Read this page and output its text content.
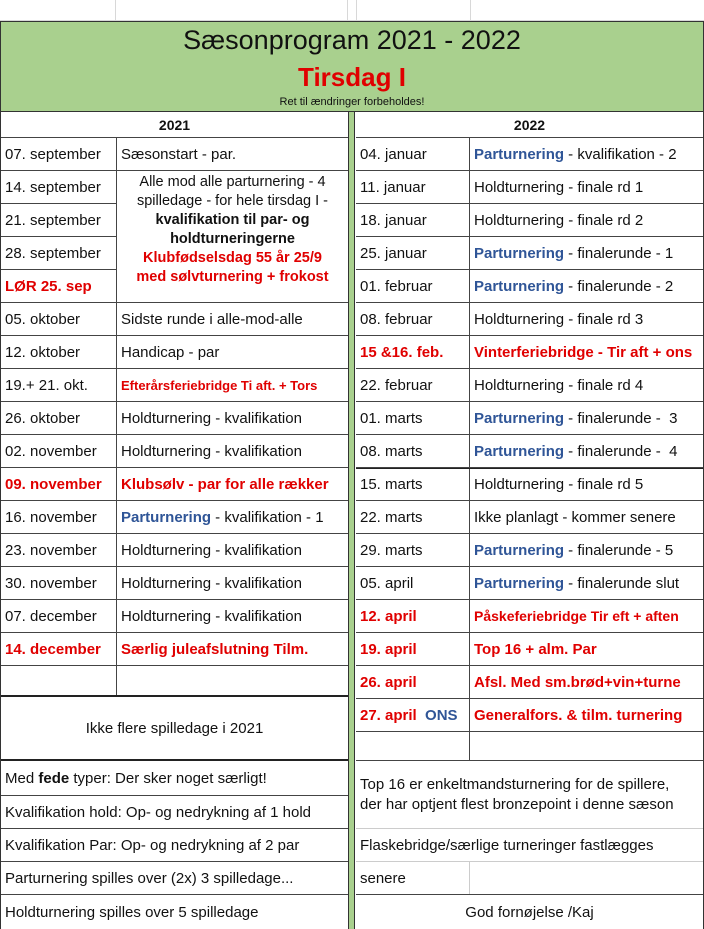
Sæsonprogram 2021 - 2022
Tirsdag I
Ret til ændringer forbeholdes!
2021
07. september	Sæsonstart - par.
14. september
21. september
28. september
LØR 25. sep
Alle mod alle parturnering - 4
spilledage - for hele tirsdag I -
kvalifikation til par- og
holdturneringerne
Klubfødselsdag 55 år 25/9
med sølvturnering + frokost
05. oktober	Sidste runde i alle-mod-alle
12. oktober	Handicap - par
19.+ 21. okt.	Efterårsferiebridge Ti aft. + Tors
26. oktober	Holdturnering - kvalifikation
02. november	Holdturnering - kvalifikation
09. november	Klubsølv - par for alle rækker
16. november	Parturnering - kvalifikation - 1
23. november	Holdturnering - kvalifikation
30. november	Holdturnering - kvalifikation
07. december	Holdturnering - kvalifikation
14. december	Særlig juleafslutning Tilm.
Ikke flere spilledage i 2021
Med fede typer: Der sker noget særligt!
Kvalifikation hold: Op- og nedrykning af 1 hold
Kvalifikation Par: Op- og nedrykning af 2 par
Parturnering spilles over (2x) 3 spilledage...
Holdturnering spilles over 5 spilledage
2022
04. januar	Parturnering - kvalifikation - 2
11. januar	Holdturnering - finale rd 1
18. januar	Holdturnering - finale rd 2
25. januar	Parturnering - finalerunde - 1
01. februar	Parturnering - finalerunde - 2
08. februar	Holdturnering - finale rd 3
15 &16. feb. Vinterferiebridge - Tir aft + ons
22. februar	Holdturnering - finale rd 4
01. marts	Parturnering - finalerunde -  3
08. marts	Parturnering - finalerunde -  4
15. marts	Holdturnering - finale rd 5
22. marts	Ikke planlagt - kommer senere
29. marts	Parturnering - finalerunde - 5
05. april	Parturnering - finalerunde slut
12. april	Påskeferiebridge Tir eft + aften
19. april	Top 16 + alm. Par
26. april	Afsl. Med sm.brød+vin+turne
27. april ONS Generalfors. & tilm. turnering
Top 16 er enkeltmandsturnering for de spillere,
der har optjent flest bronzepoint i denne sæson
Flaskebridge/særlige turneringer fastlægges
senere
God fornøjelse /Kaj
